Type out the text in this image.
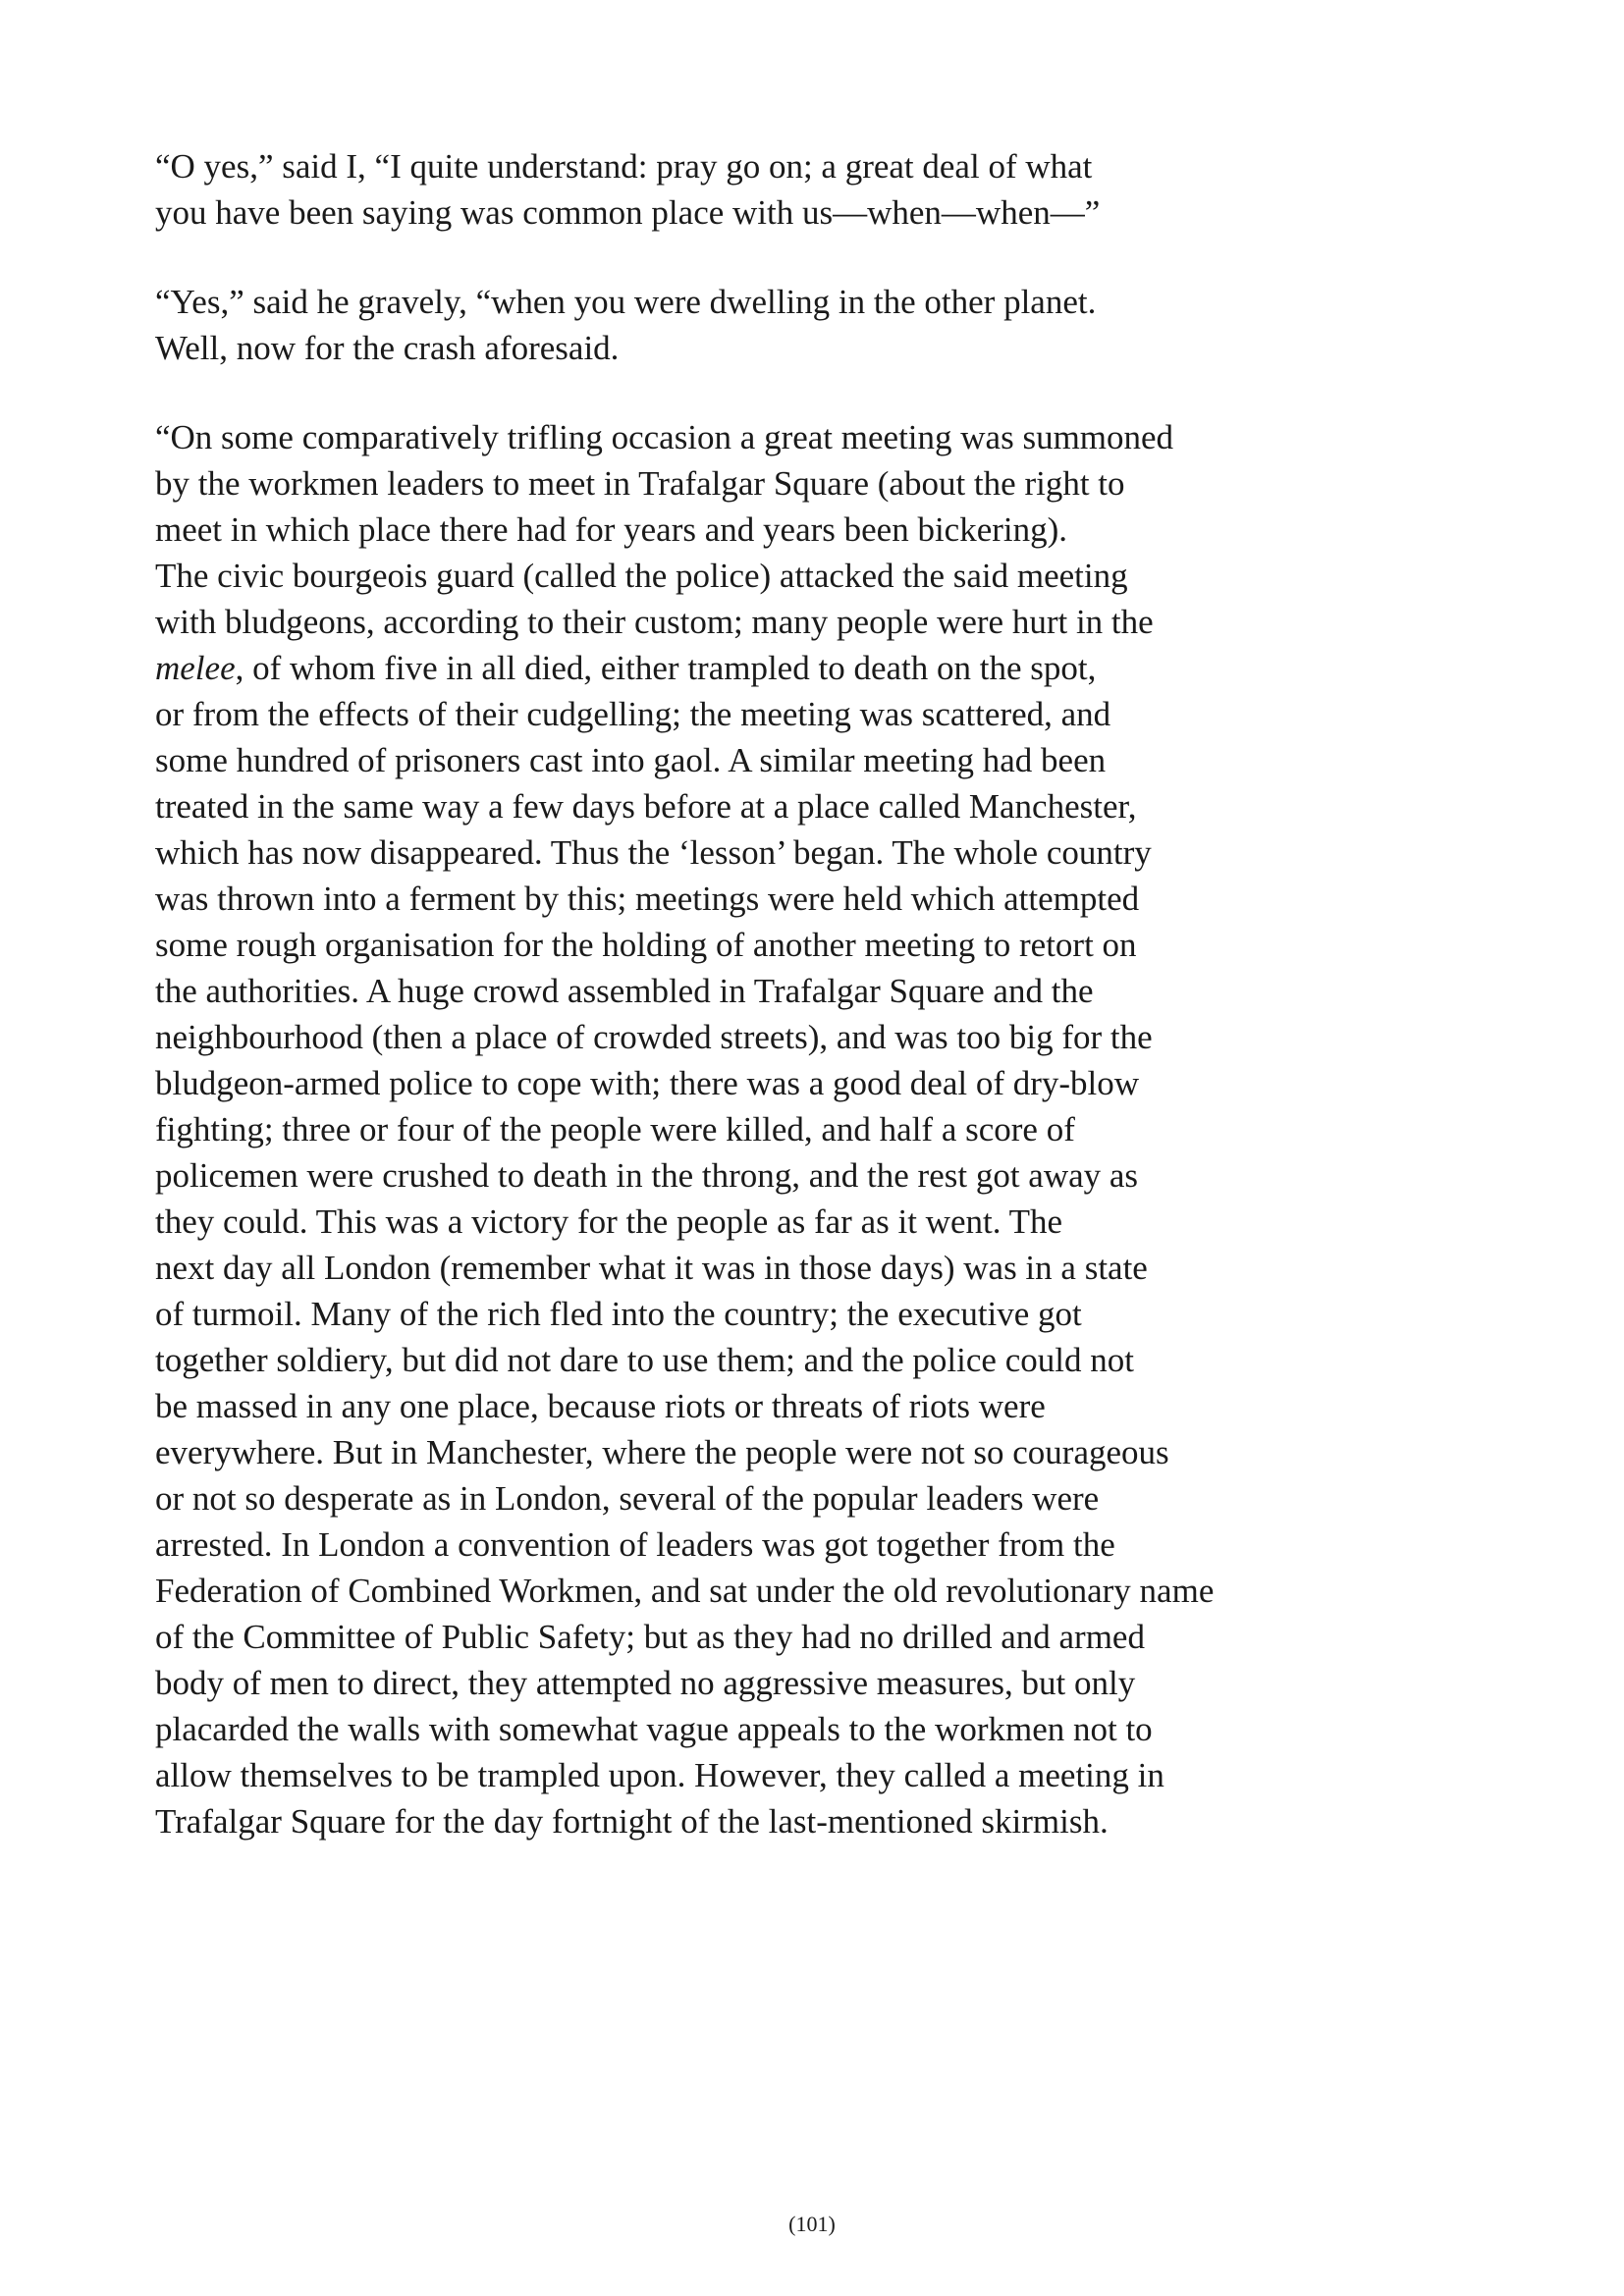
“O yes,” said I, “I quite understand: pray go on; a great deal of what
you have been saying was common place with us—when—when—”

“Yes,” said he gravely, “when you were dwelling in the other planet.
Well, now for the crash aforesaid.

“On some comparatively trifling occasion a great meeting was summoned
by the workmen leaders to meet in Trafalgar Square (about the right to
meet in which place there had for years and years been bickering).
The civic bourgeois guard (called the police) attacked the said meeting
with bludgeons, according to their custom; many people were hurt in the
melee, of whom five in all died, either trampled to death on the spot,
or from the effects of their cudgelling; the meeting was scattered, and
some hundred of prisoners cast into gaol. A similar meeting had been
treated in the same way a few days before at a place called Manchester,
which has now disappeared. Thus the ‘lesson’ began. The whole country
was thrown into a ferment by this; meetings were held which attempted
some rough organisation for the holding of another meeting to retort on
the authorities. A huge crowd assembled in Trafalgar Square and the
neighbourhood (then a place of crowded streets), and was too big for the
bludgeon-armed police to cope with; there was a good deal of dry-blow
fighting; three or four of the people were killed, and half a score of
policemen were crushed to death in the throng, and the rest got away as
they could. This was a victory for the people as far as it went. The
next day all London (remember what it was in those days) was in a state
of turmoil. Many of the rich fled into the country; the executive got
together soldiery, but did not dare to use them; and the police could not
be massed in any one place, because riots or threats of riots were
everywhere. But in Manchester, where the people were not so courageous
or not so desperate as in London, several of the popular leaders were
arrested. In London a convention of leaders was got together from the
Federation of Combined Workmen, and sat under the old revolutionary name
of the Committee of Public Safety; but as they had no drilled and armed
body of men to direct, they attempted no aggressive measures, but only
placarded the walls with somewhat vague appeals to the workmen not to
allow themselves to be trampled upon. However, they called a meeting in
Trafalgar Square for the day fortnight of the last-mentioned skirmish.

(101)
